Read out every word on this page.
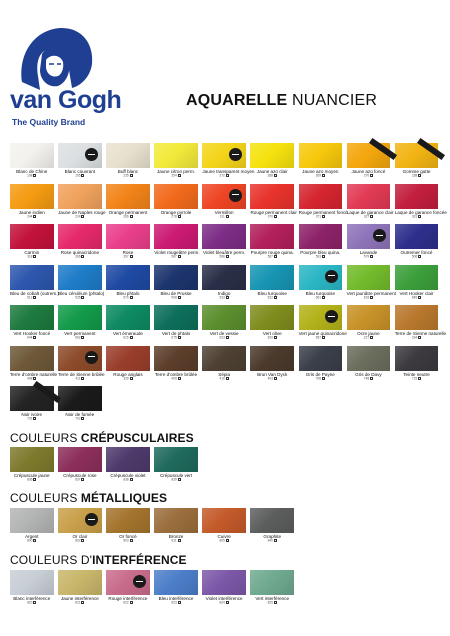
van Gogh
The Quality Brand
AQUARELLE NUANCIER
Blanc de Chine
108
Blanc couvrant
105
Buff blanc
235
Jaune citron perm.
254
Jaune transparent moyen
272
Jaune azo clair
268
Jaune azo moyen
269
Jaune azo foncé
270
Gomme gutte
238
Jaune indien
244
Jaune de Naples rouge
224
Orange permanent
266
Orange pyrrole
278
Vermillon
311
Rouge permanent clair
370
Rouge permanent foncé
371
Laque de garance clair
327
Laque de garance foncée
331
Carmin
318
Rose quinacridone
366
Rose
357
Violet rougeâtre perm.
567
Violet bleuâtre perm.
568
Pourpre rouge quina.
567
Pourpre bleu quina.
593
Lavande
579
Outremer foncé
506
Bleu de cobalt (outrem.)
512
Bleu céruléum (phtalo)
535
Bleu phtalo
570
Bleu de Prusse
508
Indigo
533
Bleu turquoise
522
Bleu turquoise
661
Vert jaunâtre permanent
633
Vert Hooker clair
645
Vert Hooker foncé
644
Vert permanent
662
Vert émeraude
615
Vert de phtalo
675
Vert de vessie
623
Vert olive
620
Vert jaune quinacridone
657
Ocre jaune
227
Terre de Sienne naturelle
234
Terre d'ombre naturelle
408
Terre de Sienne brûlée
411
Rouge anglais
339
Terre d'ombre brûlée
409
Sépia
416
Brun Van Dyck
403
Gris de Payne
708
Gris de Davy
748
Teinte neutre
715
Noir ivoire
701
Noir de fumée
702
COULEURS CRÉPUSCULAIRES
Crépuscule jaune
836
Crépuscule rose
837
Crépuscule violet
838
Crépuscule vert
839
COULEURS MÉTALLIQUES
Argent
800
Or clair
802
Or foncé
803
Bronze
811
Cuivre
805
Graphite
840
COULEURS D'INTERFÉRENCE
Blanc interférence
820
Jaune interférence
821
Rouge interférence
822
Bleu interférence
823
Violet interférence
824
Vert interférence
825
